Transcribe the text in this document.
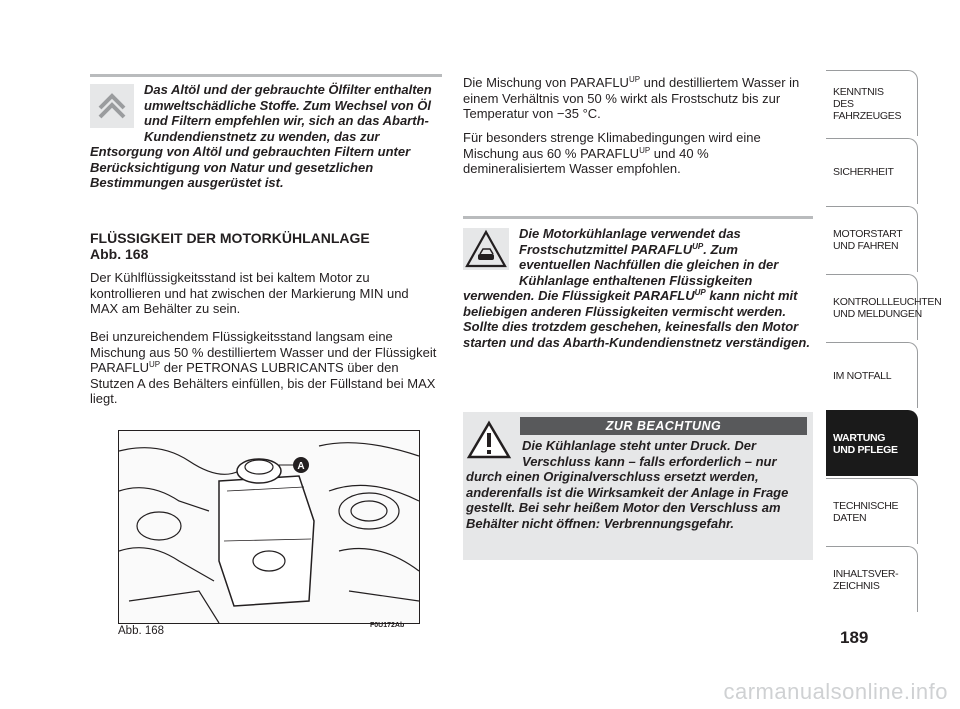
Das Altöl und der gebrauchte Ölfilter enthalten umweltschädliche Stoffe. Zum Wechsel von Öl und Filtern empfehlen wir, sich an das Abarth-Kundendienstnetz zu wenden, das zur Entsorgung von Altöl und gebrauchten Filtern unter Berücksichtigung von Natur und gesetzlichen Bestimmungen ausgerüstet ist.
FLÜSSIGKEIT DER MOTORKÜHLANLAGE
Abb. 168

Der Kühlflüssigkeitsstand ist bei kaltem Motor zu kontrollieren und hat zwischen der Markierung MIN und MAX am Behälter zu sein.

Bei unzureichendem Flüssigkeitsstand langsam eine Mischung aus 50 % destilliertem Wasser und der Flüssigkeit $PARAFLU^{UP}$ der PETRONAS LUBRICANTS über den Stutzen A des Behälters einfüllen, bis der Füllstand bei MAX liegt.

A
Abb. 168	F0U172Ab

Die Mischung von $PARAFLU^{UP}$ und destilliertem Wasser in einem Verhältnis von 50 % wirkt als Frostschutz bis zur Temperatur von −35 °C.

Für besonders strenge Klimabedingungen wird eine Mischung aus 60 % $PARAFLU^{UP}$ und 40 % demineralisiertem Wasser empfohlen.

Die Motorkühlanlage verwendet das Frostschutzmittel $PARAFLU^{UP}$. Zum eventuellen Nachfüllen die gleichen in der Kühlanlage enthaltenen Flüssigkeiten verwenden. Die Flüssigkeit $PARAFLU^{UP}$ kann nicht mit beliebigen anderen Flüssigkeiten vermischt werden. Sollte dies trotzdem geschehen, keinesfalls den Motor starten und das Abarth-Kundendienstnetz verständigen.
ZUR BEACHTUNG
Die Kühlanlage steht unter Druck. Der Verschluss kann – falls erforderlich – nur durch einen Originalverschluss ersetzt werden, anderenfalls ist die Wirksamkeit der Anlage in Frage gestellt. Bei sehr heißem Motor den Verschluss am Behälter nicht öffnen: Verbrennungsgefahr.
KENNTNIS
DES FAHRZEUGES
SICHERHEIT
MOTORSTART
UND FAHREN
KONTROLLLEUCHTEN
UND MELDUNGEN
IM NOTFALL
WARTUNG
UND PFLEGE
TECHNISCHE
DATEN
INHALTSVER-
ZEICHNIS
189
carmanualsonline.info
